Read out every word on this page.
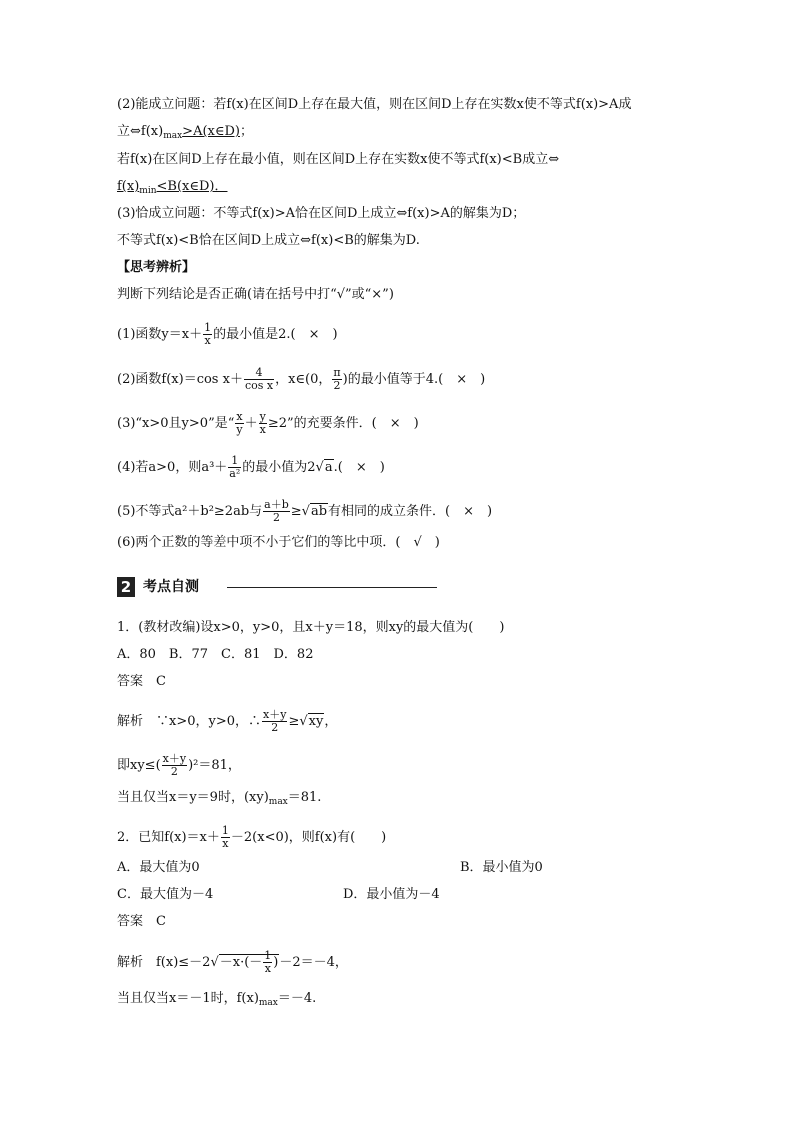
(2)能成立问题：若f(x)在区间D上存在最大值，则在区间D上存在实数x使不等式f(x)>A成
立$\Leftrightarrow f(x)_{max}>A(x\in D)$；
若f(x)在区间D上存在最小值，则在区间D上存在实数x使不等式f(x)<B成立⇔
$f(x)_{min}<B(x\in D)$．
(3)恰成立问题：不等式f(x)>A恰在区间D上成立⇔f(x)>A的解集为D；
不等式f(x)<B恰在区间D上成立⇔f(x)<B的解集为D.
【思考辨析】
判断下列结论是否正确(请在括号中打“√”或“×”)
(1)函数$y=x+ \frac{1}{x}$ 的最小值是2.(　×　)
(2)函数f(x)＝cos $x+ \frac{4}{\text{cos x}}$ ，x∈(0， $\frac{\pi}{2}$ )的最小值等于4.(　×　)
(3)“x>0且y>0”是“ $\frac{x}{y} + \frac{y}{x} \ge 2$”的充要条件．(　×　)
(4)若a>0，则$a^3+ \frac{1}{\text{a²}}$ 的最小值为2√a.(　×　)
(5)不等式a²＋b²≥2ab与 $\frac{a+b}{2} \ge√ab$有相同的成立条件．(　×　)
(6)两个正数的等差中项不小于它们的等比中项．(　√　)
2 考点自测
1．(教材改编)设x>0，y>0，且x＋y＝18，则xy的最大值为(　　)
A．80　B．77　C．81　D．82
答案　C
解析　∵x>0，y>0，∴ $\frac{x+y}{2} \ge√xy$，
即$xy\le( \frac{x+y}{2} )^2=81$，
当且仅当x＝y＝9时，$(xy)_{max}=81$.
2．已知$f(x)=x+ \frac{1}{x} -2(x<0)$，则f(x)有(　　)
A．最大值为0	B．最小值为0
C．最大值为－4	D．最小值为－4
答案　C
解析　$f(x)\le-2√-x\cdot(- \frac{1}{x} )-2=-4$，
当且仅当x＝－1时，$f(x)_{max}=-4$.
